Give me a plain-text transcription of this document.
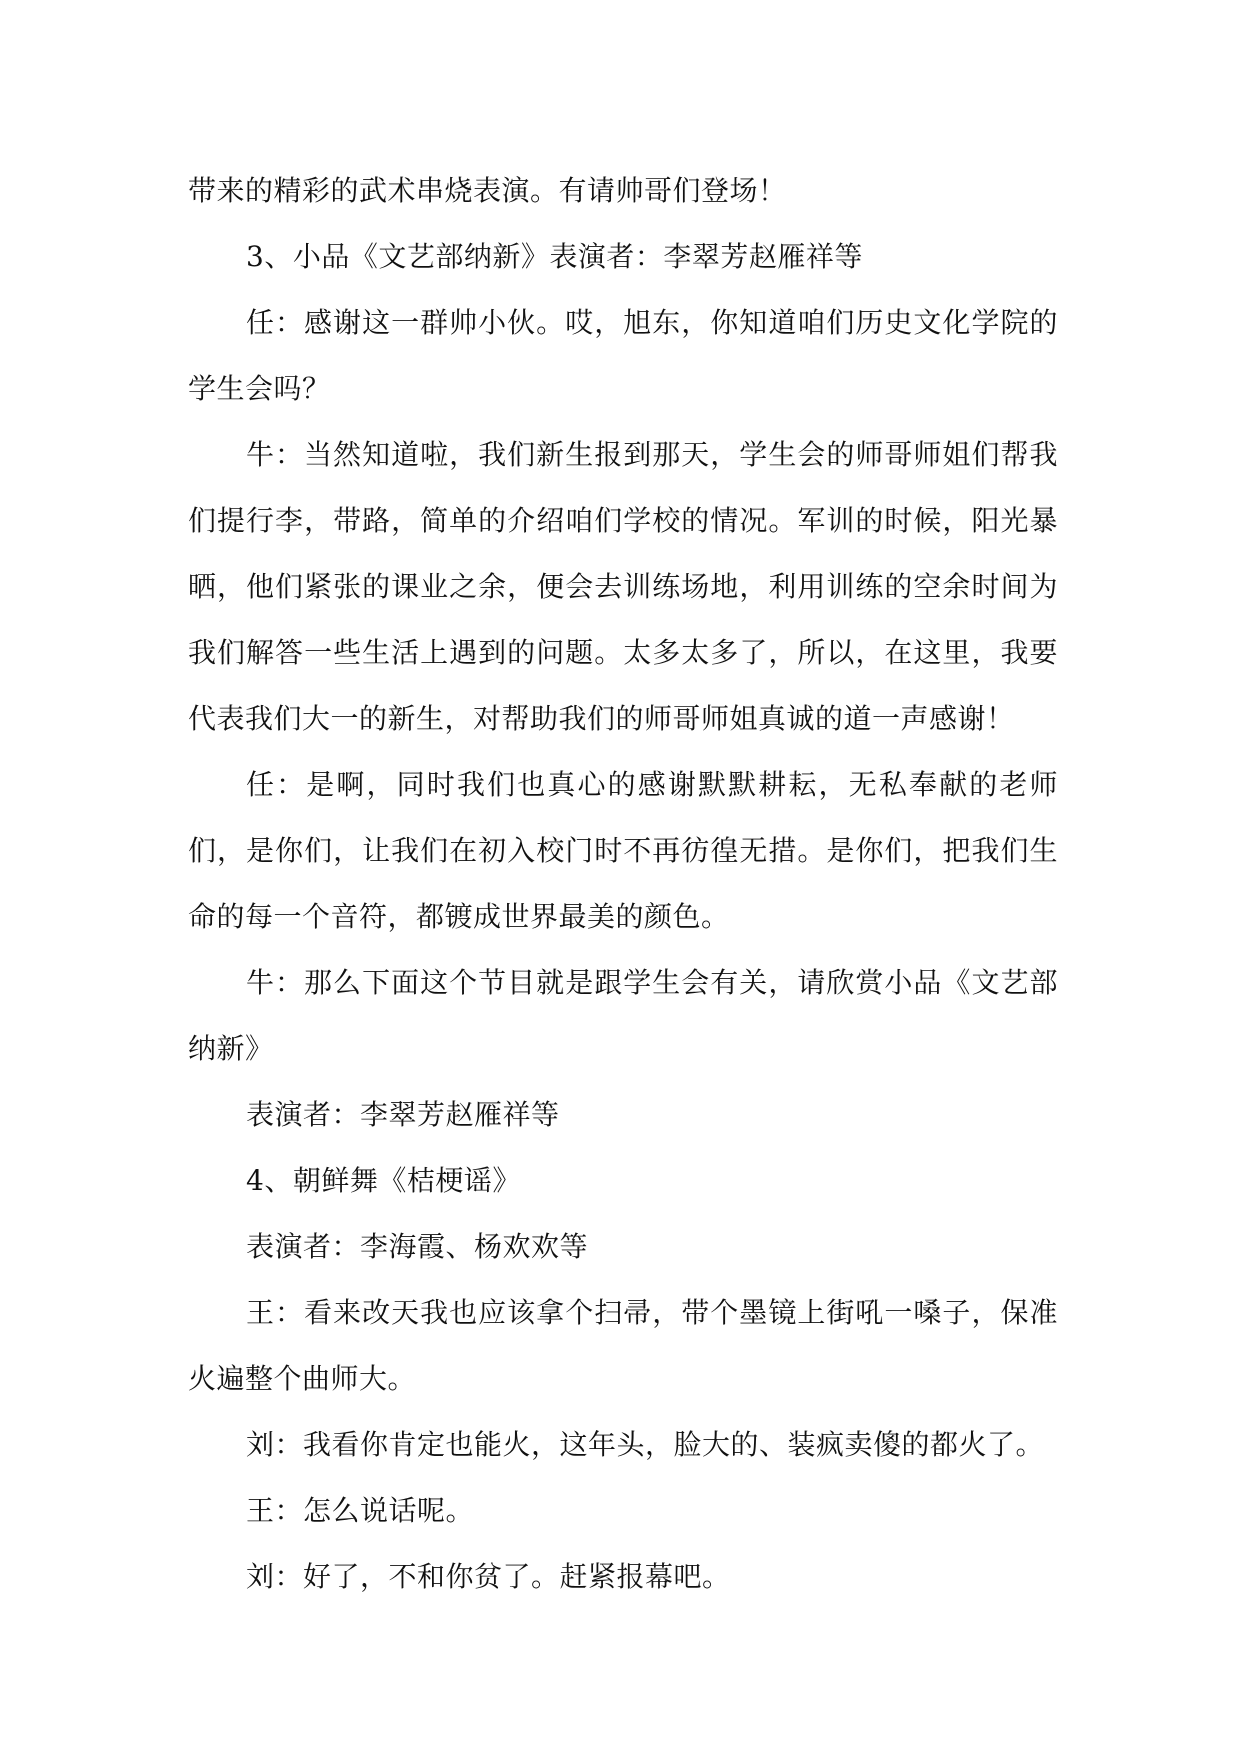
带来的精彩的武术串烧表演。有请帅哥们登场！

3、小品《文艺部纳新》表演者：李翠芳赵雁祥等

任：感谢这一群帅小伙。哎，旭东，你知道咱们历史文化学院的学生会吗？

牛：当然知道啦，我们新生报到那天，学生会的师哥师姐们帮我们提行李，带路，简单的介绍咱们学校的情况。军训的时候，阳光暴晒，他们紧张的课业之余，便会去训练场地，利用训练的空余时间为我们解答一些生活上遇到的问题。太多太多了，所以，在这里，我要代表我们大一的新生，对帮助我们的师哥师姐真诚的道一声感谢！

任：是啊，同时我们也真心的感谢默默耕耘，无私奉献的老师们，是你们，让我们在初入校门时不再彷徨无措。是你们，把我们生命的每一个音符，都镀成世界最美的颜色。

牛：那么下面这个节目就是跟学生会有关，请欣赏小品《文艺部纳新》

表演者：李翠芳赵雁祥等

4、朝鲜舞《桔梗谣》

表演者：李海霞、杨欢欢等

王：看来改天我也应该拿个扫帚，带个墨镜上街吼一嗓子，保准火遍整个曲师大。

刘：我看你肯定也能火，这年头，脸大的、装疯卖傻的都火了。

王：怎么说话呢。

刘：好了，不和你贫了。赶紧报幕吧。
